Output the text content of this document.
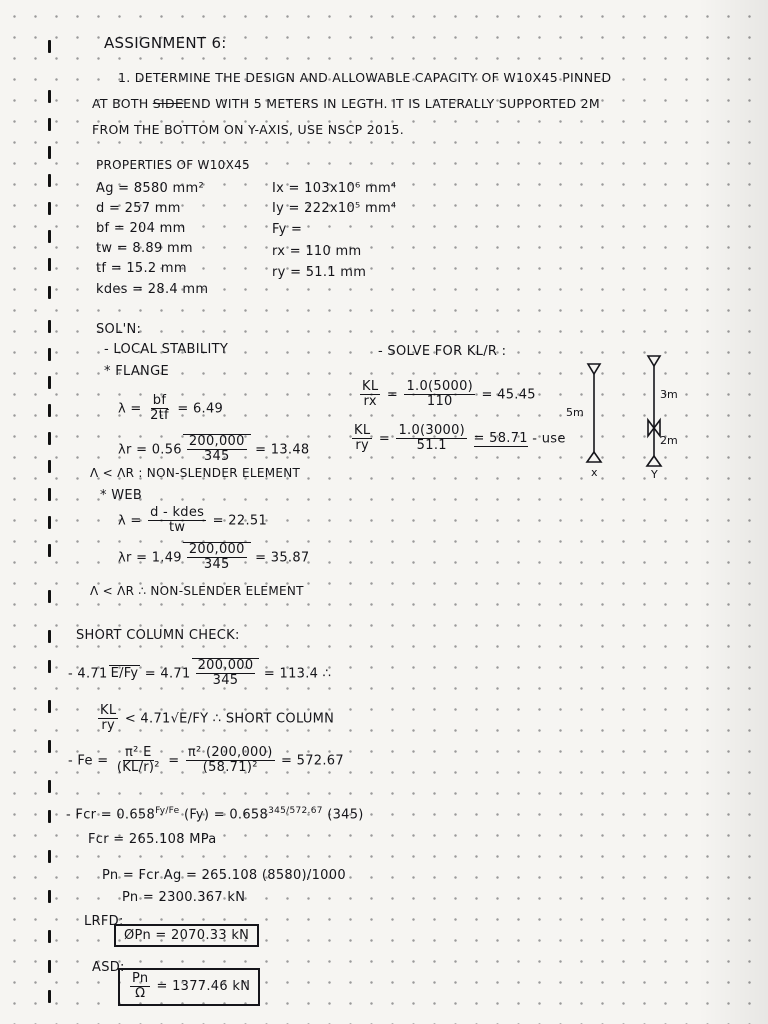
ASSIGNMENT 6:
1. DETERMINE THE DESIGN AND ALLOWABLE CAPACITY OF W10X45 PINNED
AT BOTH SIDEEND WITH 5 METERS IN LEGTH. IT IS LATERALLY SUPPORTED 2M
FROM THE BOTTOM ON Y-AXIS, USE NSCP 2015.
PROPERTIES OF W10X45
Ag = 8580 mm²
d = 257 mm
bf = 204 mm
tw = 8.89 mm
tf = 15.2 mm
kdes = 28.4 mm
Ix = 103x10⁶ mm⁴
Iy = 222x10⁵ mm⁴
Fy =
rx = 110 mm
ry = 51.1 mm
SOL'N:
- LOCAL STABILITY
* FLANGE
$\lambda = \frac{bf}{2tf} = 6.49$
$\lambda r = 0.56 \frac{200,000}{345} = 13.48$
Λ < ΛR : NON-SLENDER ELEMENT
* WEB
$\lambda = \frac{\text{d - kdes}}{tw} = 22.51$
$\lambda r = 1.49 \frac{200,000}{345} = 35.87$
Λ < ΛR ∴ NON-SLENDER ELEMENT
- SOLVE FOR KL/R :
$\frac{KL}{rx} = \frac{1.0(5000)}{110} = 45.45$
$\frac{KL}{ry} = \frac{1.0(3000)}{51.1} = 58.71$ - use
5m
x
3m
2m
Y
SHORT COLUMN CHECK:
- 4.71 $E/Fy = 4.71 \frac{200,000}{345} = 113.4$ ∴
$\frac{KL}{ry} < 4.71√E/FY$ ∴ SHORT COLUMN
- $Fe = \frac{\text{π² E}}{\text{(KL/r)²}} = \frac{\text{π² (200,000)}}{\text{(58.71)²}} = 572.67$
- Fcr = $0.658^{Fy/Fe}$ $(Fy) = 0.658^{345/572.67}$ (345)
Fcr = 265.108 MPa
Pn = Fcr Ag = 265.108 (8580)/1000
Pn = 2300.367 kN
LRFD:
ØPn = 2070.33 kN
ASD:
$\frac{Pn}{\Omega} = 1377.46$ kN
